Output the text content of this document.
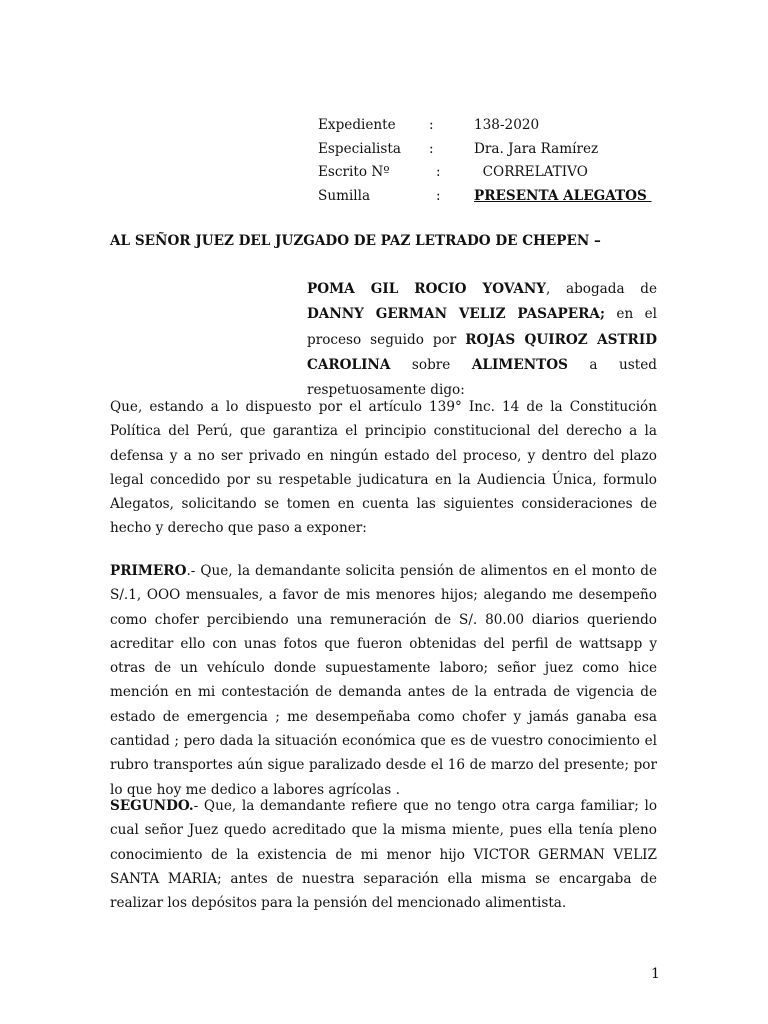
Expediente :	138-2020
Especialista :	Dra. Jara Ramírez
Escrito Nº	: CORRELATIVO
Sumilla	: PRESENTA ALEGATOS
AL SEÑOR JUEZ DEL JUZGADO DE PAZ LETRADO DE CHEPEN –
POMA GIL ROCIO YOVANY, abogada de DANNY GERMAN VELIZ PASAPERA; en el proceso seguido por ROJAS QUIROZ ASTRID CAROLINA sobre ALIMENTOS a usted respetuosamente digo:
Que, estando a lo dispuesto por el artículo 139° Inc. 14 de la Constitución Política del Perú, que garantiza el principio constitucional del derecho a la defensa y a no ser privado en ningún estado del proceso, y dentro del plazo legal concedido por su respetable judicatura en la Audiencia Única, formulo Alegatos, solicitando se tomen en cuenta las siguientes consideraciones de hecho y derecho que paso a exponer:
PRIMERO.- Que, la demandante solicita pensión de alimentos en el monto de S/.1, OOO mensuales, a favor de mis menores hijos; alegando me desempeño como chofer percibiendo una remuneración de S/. 80.00 diarios queriendo acreditar ello con unas fotos que fueron obtenidas del perfil de wattsapp y otras de un vehículo donde supuestamente laboro; señor juez como hice mención en mi contestación de demanda antes de la entrada de vigencia de estado de emergencia ; me desempeñaba como chofer y jamás ganaba esa cantidad ; pero dada la situación económica que es de vuestro conocimiento el rubro transportes aún sigue paralizado desde el 16 de marzo del presente; por lo que hoy me dedico a labores agrícolas .
SEGUNDO.- Que, la demandante refiere que no tengo otra carga familiar; lo cual señor Juez quedo acreditado que la misma miente, pues ella tenía pleno conocimiento de la existencia de mi menor hijo VICTOR GERMAN VELIZ SANTA MARIA; antes de nuestra separación ella misma se encargaba de realizar los depósitos para la pensión del mencionado alimentista.
1
